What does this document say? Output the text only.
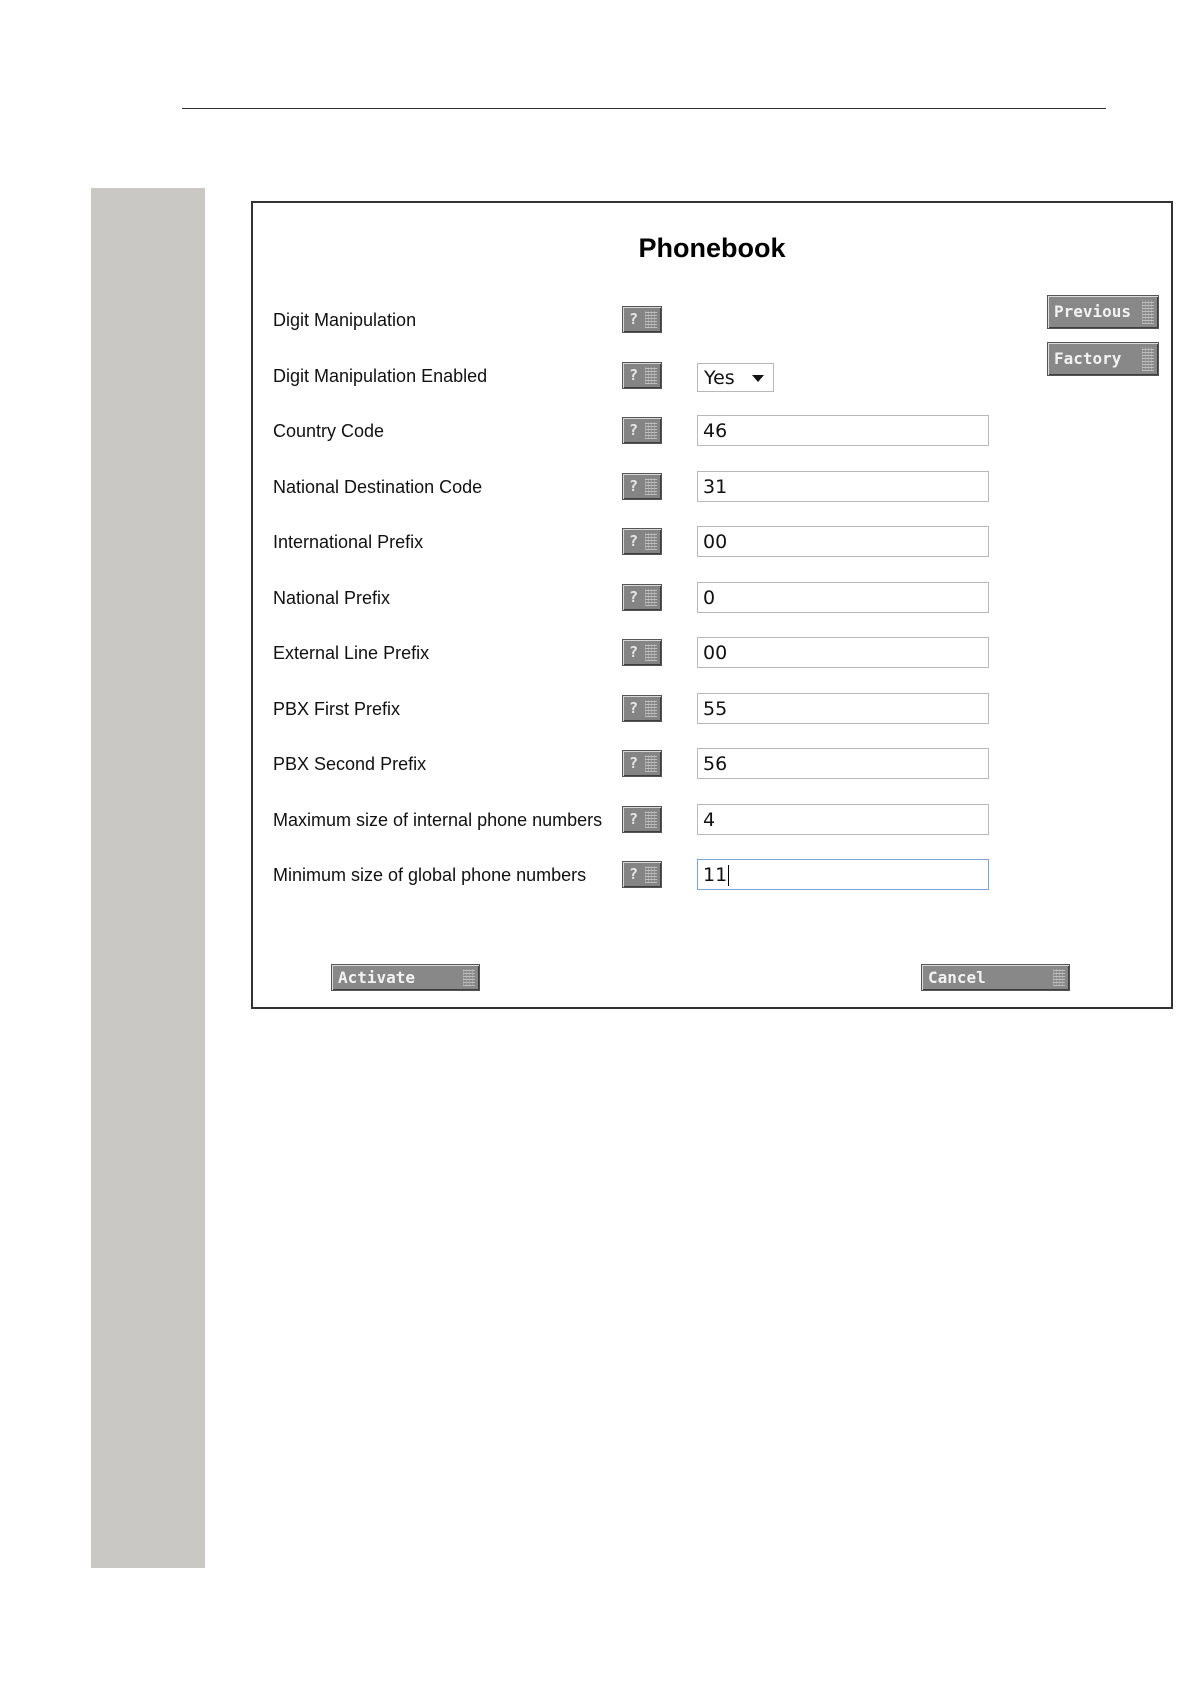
Phonebook
Previous
Factory
Digit Manipulation	?
Digit Manipulation Enabled	?	Yes
Country Code	?	46
National Destination Code	?	31
International Prefix	?	00
National Prefix	?	0
External Line Prefix	?	00
PBX First Prefix	?	55
PBX Second Prefix	?	56
Maximum size of internal phone numbers ?	4
Minimum size of global phone numbers	?	11
Activate	Cancel
